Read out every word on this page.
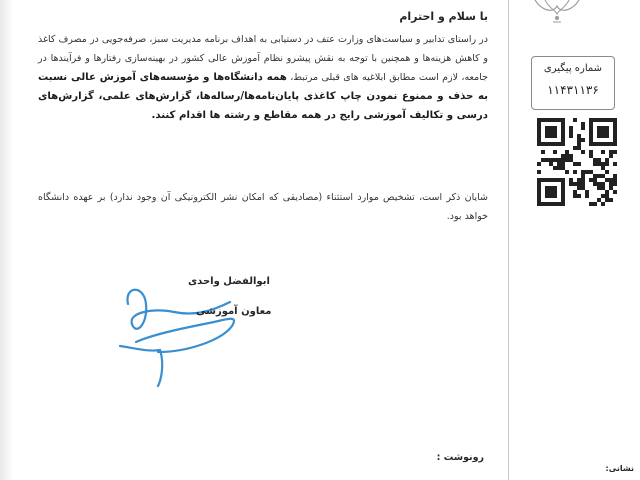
با سلام و احترام
در راستای تدابیر و سیاست‌های وزارت عتف در دستیابی به اهداف برنامه مدیریت سبز، صرفه‌جویی در مصرف کاغذ و کاهش هزینه‌ها و همچنین با توجه به نقش پیشرو نظام آموزش عالی کشور در بهینه‌سازی رفتارها و فرآیندها در جامعه، لازم است مطابق ابلاغیه های قبلی مرتبط، همه دانشگاه‌ها و مؤسسه‌های آموزش عالی نسبت به حذف و ممنوع نمودن چاپ کاغذی پایان‌نامه‌ها/رساله‌ها، گزارش‌های علمی، گزارش‌های درسی و تکالیف آموزشی رایج در همه مقاطع و رشته ها اقدام کنند.
شایان ذکر است، تشخیص موارد استثناء (مصادیقی که امکان نشر الکترونیکی آن وجود ندارد) بر عهده دانشگاه خواهد بود.
ابوالفضل واحدی
معاون آموزشی
رونوشت :
شماره پیگیری
۱۱۴۳۱۱۳۶
نشانی:
